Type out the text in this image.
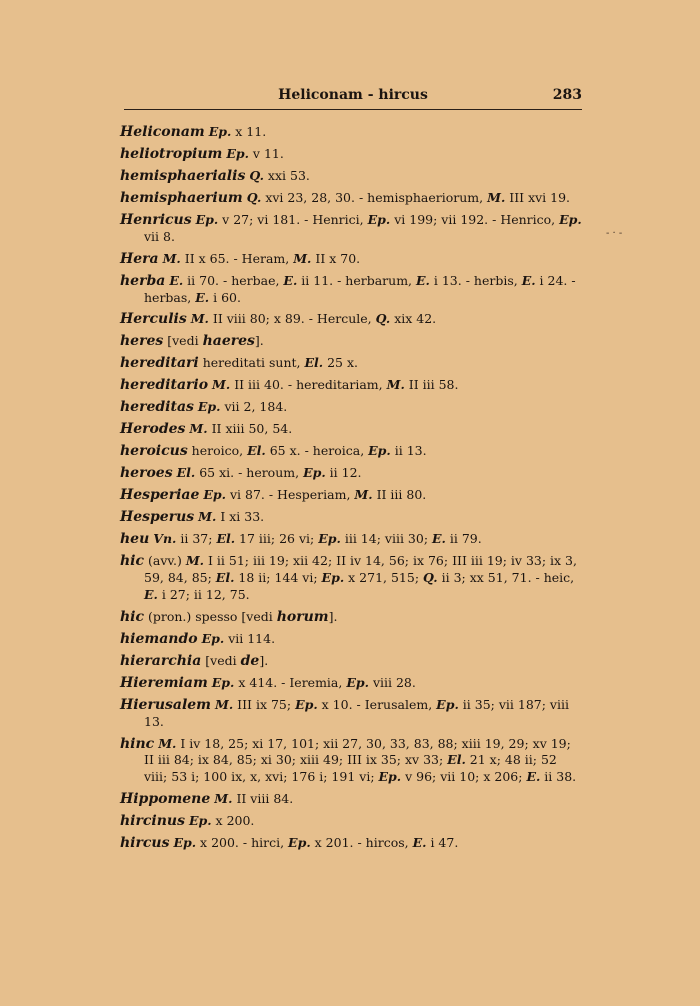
Heliconam - hircus	283
- · -
Heliconam Ep. x 11.
heliotropium Ep. v 11.
hemisphaerialis Q. xxi 53.
hemisphaerium Q. xvi 23, 28, 30. - hemisphaeriorum, M. III xvi 19.
Henricus Ep. v 27; vi 181. - Henrici, Ep. vi 199; vii 192. - Henrico, Ep. vii 8.
Hera M. II x 65. - Heram, M. II x 70.
herba E. ii 70. - herbae, E. ii 11. - herbarum, E. i 13. - herbis, E. i 24. - herbas, E. i 60.
Herculis M. II viii 80; x 89. - Hercule, Q. xix 42.
heres [vedi haeres].
hereditari hereditati sunt, El. 25 x.
hereditario M. II iii 40. - hereditariam, M. II iii 58.
hereditas Ep. vii 2, 184.
Herodes M. II xiii 50, 54.
heroicus heroico, El. 65 x. - heroica, Ep. ii 13.
heroes El. 65 xi. - heroum, Ep. ii 12.
Hesperiae Ep. vi 87. - Hesperiam, M. II iii 80.
Hesperus M. I xi 33.
heu Vn. ii 37; El. 17 iii; 26 vi; Ep. iii 14; viii 30; E. ii 79.
hic (avv.) M. I ii 51; iii 19; xii 42; II iv 14, 56; ix 76; III iii 19; iv 33; ix 3, 59, 84, 85; El. 18 ii; 144 vi; Ep. x 271, 515; Q. ii 3; xx 51, 71. - heic, E. i 27; ii 12, 75.
hic (pron.) spesso [vedi horum].
hiemando Ep. vii 114.
hierarchia [vedi de].
Hieremiam Ep. x 414. - Ieremia, Ep. viii 28.
Hierusalem M. III ix 75; Ep. x 10. - Ierusalem, Ep. ii 35; vii 187; viii 13.
hinc M. I iv 18, 25; xi 17, 101; xii 27, 30, 33, 83, 88; xiii 19, 29; xv 19; II iii 84; ix 84, 85; xi 30; xiii 49; III ix 35; xv 33; El. 21 x; 48 ii; 52 viii; 53 i; 100 ix, x, xvi; 176 i; 191 vi; Ep. v 96; vii 10; x 206; E. ii 38.
Hippomene M. II viii 84.
hircinus Ep. x 200.
hircus Ep. x 200. - hirci, Ep. x 201. - hircos, E. i 47.
